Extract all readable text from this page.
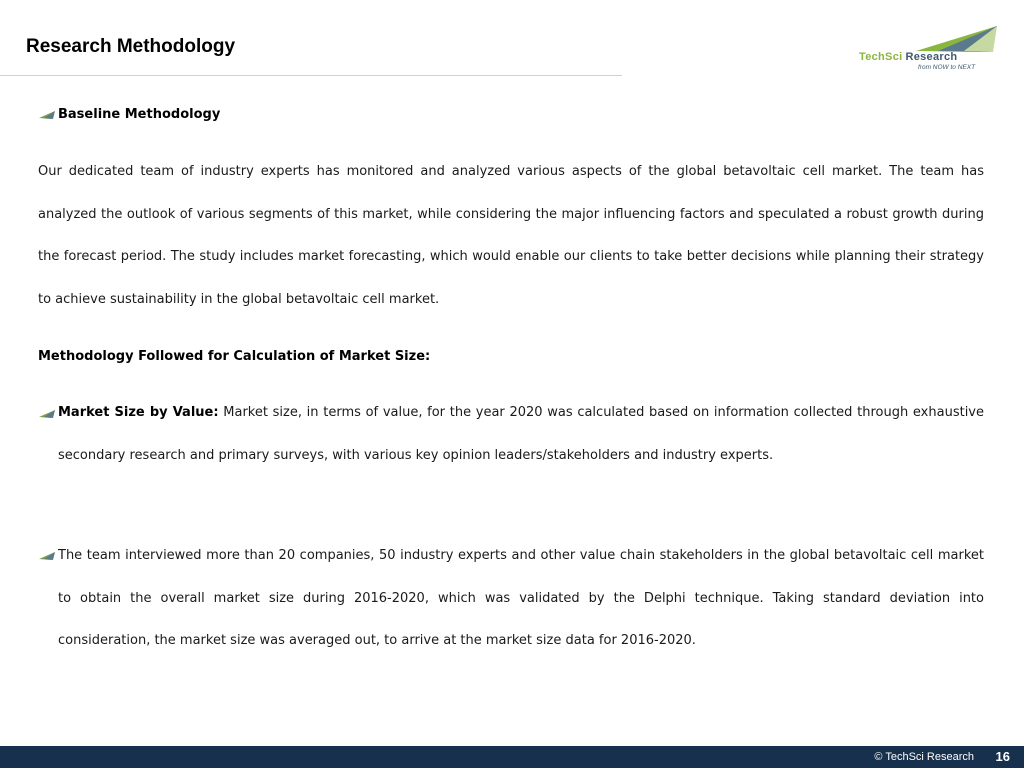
Research Methodology	TechSci Research
from NOW to NEXT
Baseline Methodology

Our dedicated team of industry experts has monitored and analyzed various aspects of the global betavoltaic cell market. The team has analyzed the outlook of various segments of this market, while considering the major influencing factors and speculated a robust growth during the forecast period. The study includes market forecasting, which would enable our clients to take better decisions while planning their strategy to achieve sustainability in the global betavoltaic cell market.

Methodology Followed for Calculation of Market Size:

Market Size by Value: Market size, in terms of value, for the year 2020 was calculated based on information collected through exhaustive secondary research and primary surveys, with various key opinion leaders/stakeholders and industry experts.

The team interviewed more than 20 companies, 50 industry experts and other value chain stakeholders in the global betavoltaic cell market to obtain the overall market size during 2016-2020, which was validated by the Delphi technique. Taking standard deviation into consideration, the market size was averaged out, to arrive at the market size data for 2016-2020.

© TechSci Research 16
